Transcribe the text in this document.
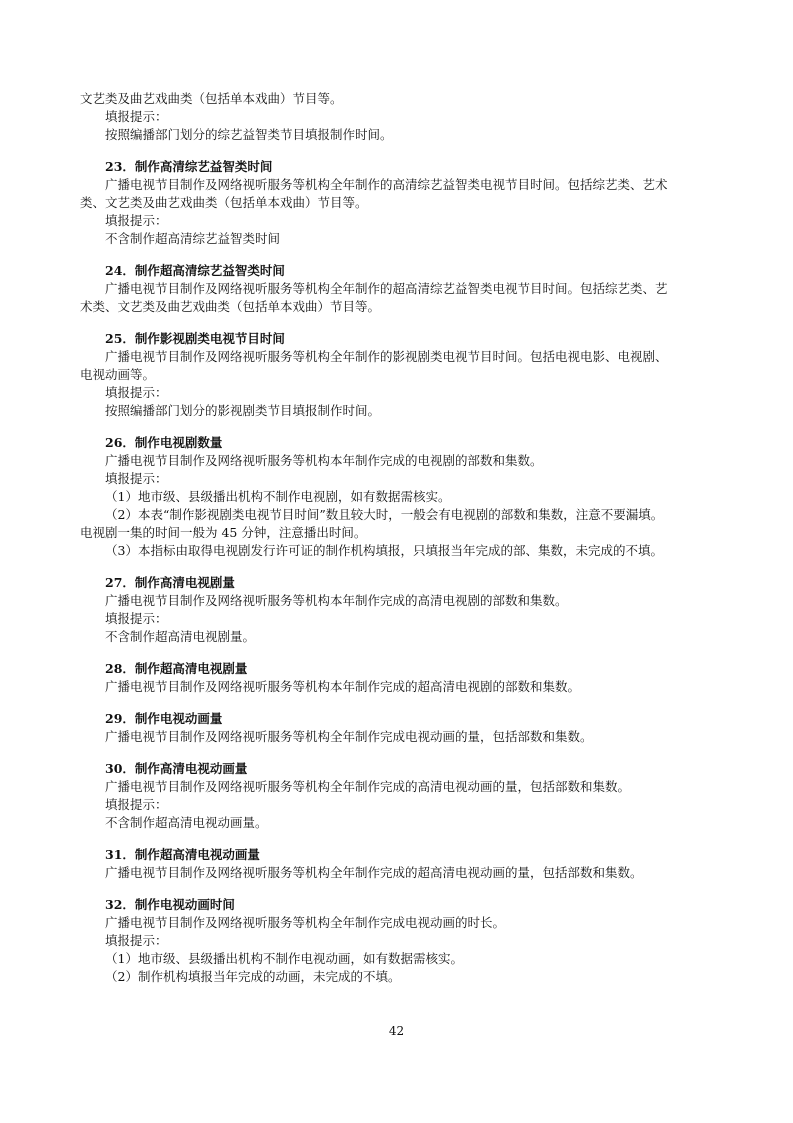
文艺类及曲艺戏曲类（包括单本戏曲）节目等。

填报提示：

按照编播部门划分的综艺益智类节目填报制作时间。

23．制作高清综艺益智类时间

广播电视节目制作及网络视听服务等机构全年制作的高清综艺益智类电视节目时间。包括综艺类、艺术

类、文艺类及曲艺戏曲类（包括单本戏曲）节目等。

填报提示：

不含制作超高清综艺益智类时间

24．制作超高清综艺益智类时间

广播电视节目制作及网络视听服务等机构全年制作的超高清综艺益智类电视节目时间。包括综艺类、艺

术类、文艺类及曲艺戏曲类（包括单本戏曲）节目等。

25．制作影视剧类电视节目时间

广播电视节目制作及网络视听服务等机构全年制作的影视剧类电视节目时间。包括电视电影、电视剧、

电视动画等。

填报提示：

按照编播部门划分的影视剧类节目填报制作时间。

26．制作电视剧数量

广播电视节目制作及网络视听服务等机构本年制作完成的电视剧的部数和集数。

填报提示：

（1）地市级、县级播出机构不制作电视剧，如有数据需核实。

（2）本表“制作影视剧类电视节目时间”数且较大时，一般会有电视剧的部数和集数，注意不要漏填。

电视剧一集的时间一般为 45 分钟，注意播出时间。

（3）本指标由取得电视剧发行许可证的制作机构填报，只填报当年完成的部、集数，未完成的不填。

27．制作高清电视剧量

广播电视节目制作及网络视听服务等机构本年制作完成的高清电视剧的部数和集数。

填报提示：

不含制作超高清电视剧量。

28．制作超高清电视剧量

广播电视节目制作及网络视听服务等机构本年制作完成的超高清电视剧的部数和集数。

29．制作电视动画量

广播电视节目制作及网络视听服务等机构全年制作完成电视动画的量，包括部数和集数。

30．制作高清电视动画量

广播电视节目制作及网络视听服务等机构全年制作完成的高清电视动画的量，包括部数和集数。

填报提示：

不含制作超高清电视动画量。

31．制作超高清电视动画量

广播电视节目制作及网络视听服务等机构全年制作完成的超高清电视动画的量，包括部数和集数。

32．制作电视动画时间

广播电视节目制作及网络视听服务等机构全年制作完成电视动画的时长。

填报提示：

（1）地市级、县级播出机构不制作电视动画，如有数据需核实。

（2）制作机构填报当年完成的动画，未完成的不填。

42
